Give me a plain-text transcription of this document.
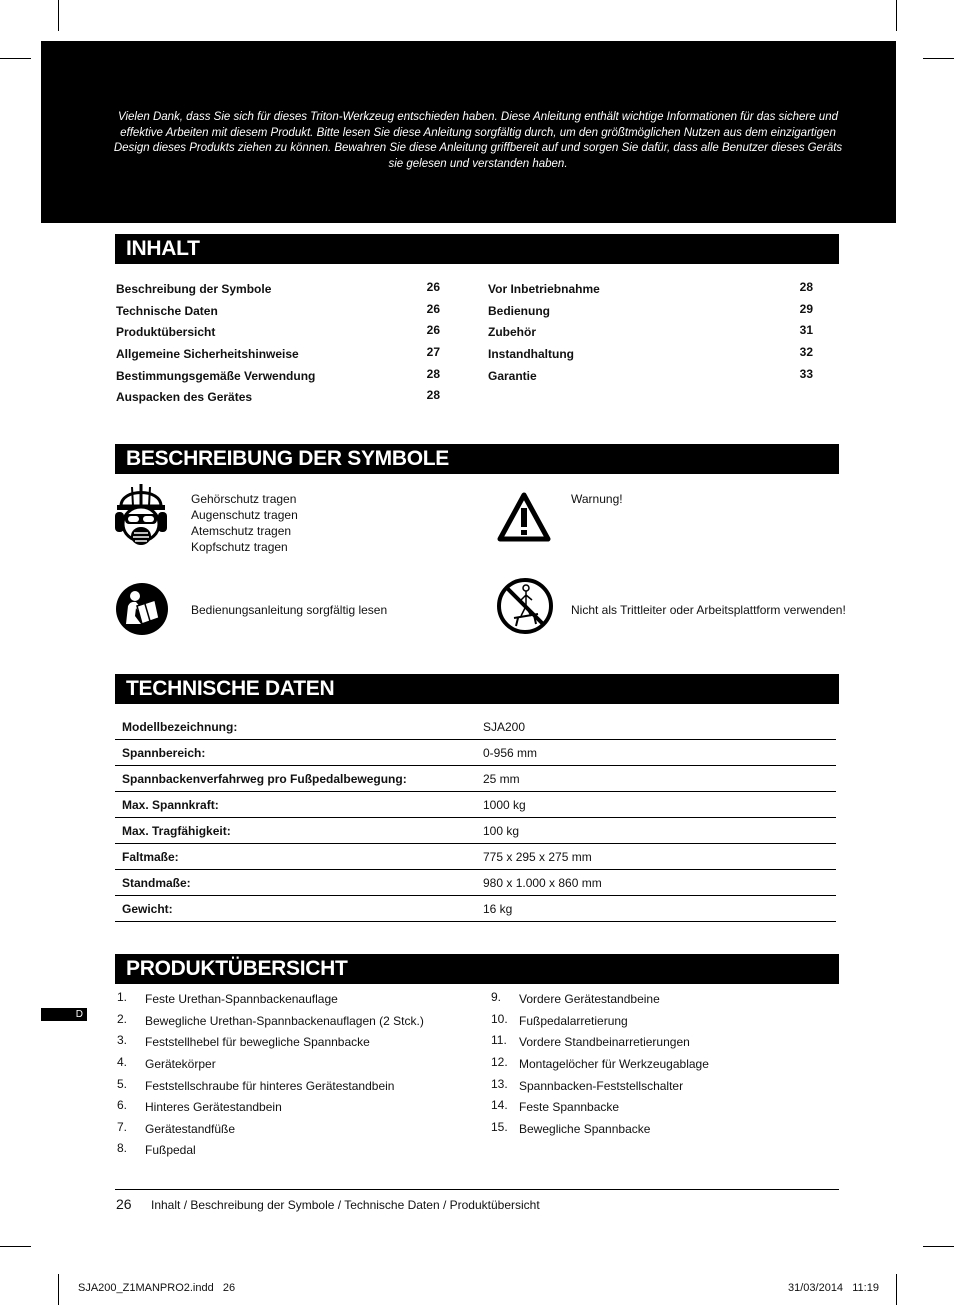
Vielen Dank, dass Sie sich für dieses Triton-Werkzeug entschieden haben. Diese Anleitung enthält wichtige Informationen für das sichere und effektive Arbeiten mit diesem Produkt. Bitte lesen Sie diese Anleitung sorgfältig durch, um den größtmöglichen Nutzen aus dem einzigartigen Design dieses Produkts ziehen zu können. Bewahren Sie diese Anleitung griffbereit auf und sorgen Sie dafür, dass alle Benutzer dieses Geräts sie gelesen und verstanden haben.
INHALT
Beschreibung der Symbole	26
Technische Daten	26
Produktübersicht	26
Allgemeine Sicherheitshinweise	27
Bestimmungsgemäße Verwendung	28
Auspacken des Gerätes	28
Vor Inbetriebnahme	28
Bedienung	29
Zubehör	31
Instandhaltung	32
Garantie	33
BESCHREIBUNG DER SYMBOLE
Gehörschutz tragen
Augenschutz tragen
Atemschutz tragen
Kopfschutz tragen
Warnung!
Bedienungsanleitung sorgfältig lesen	Nicht als Trittleiter oder Arbeitsplattform verwenden!
TECHNISCHE DATEN
Modellbezeichnung:	SJA200
Spannbereich:	0-956 mm
Spannbackenverfahrweg pro Fußpedalbewegung:	25 mm
Max. Spannkraft:	1000 kg
Max. Tragfähigkeit:	100 kg
Faltmaße:	775 x 295 x 275 mm
Standmaße:	980 x 1.000 x 860 mm
Gewicht:	16 kg
PRODUKTÜBERSICHT
D
1.	Feste Urethan-Spannbackenauflage
2.	Bewegliche Urethan-Spannbackenauflagen (2 Stck.)
3.	Feststellhebel für bewegliche Spannbacke
4.	Gerätekörper
5.	Feststellschraube für hinteres Gerätestandbein
6.	Hinteres Gerätestandbein
7.	Gerätestandfüße
8.	Fußpedal
9.	Vordere Gerätestandbeine
10. Fußpedalarretierung
11.	Vordere Standbeinarretierungen
12. Montagelöcher für Werkzeugablage
13. Spannbacken-Feststellschalter
14. Feste Spannbacke
15. Bewegliche Spannbacke
26 Inhalt / Beschreibung der Symbole / Technische Daten / Produktübersicht
SJA200_Z1MANPRO2.indd   26	31/03/2014   11:19
